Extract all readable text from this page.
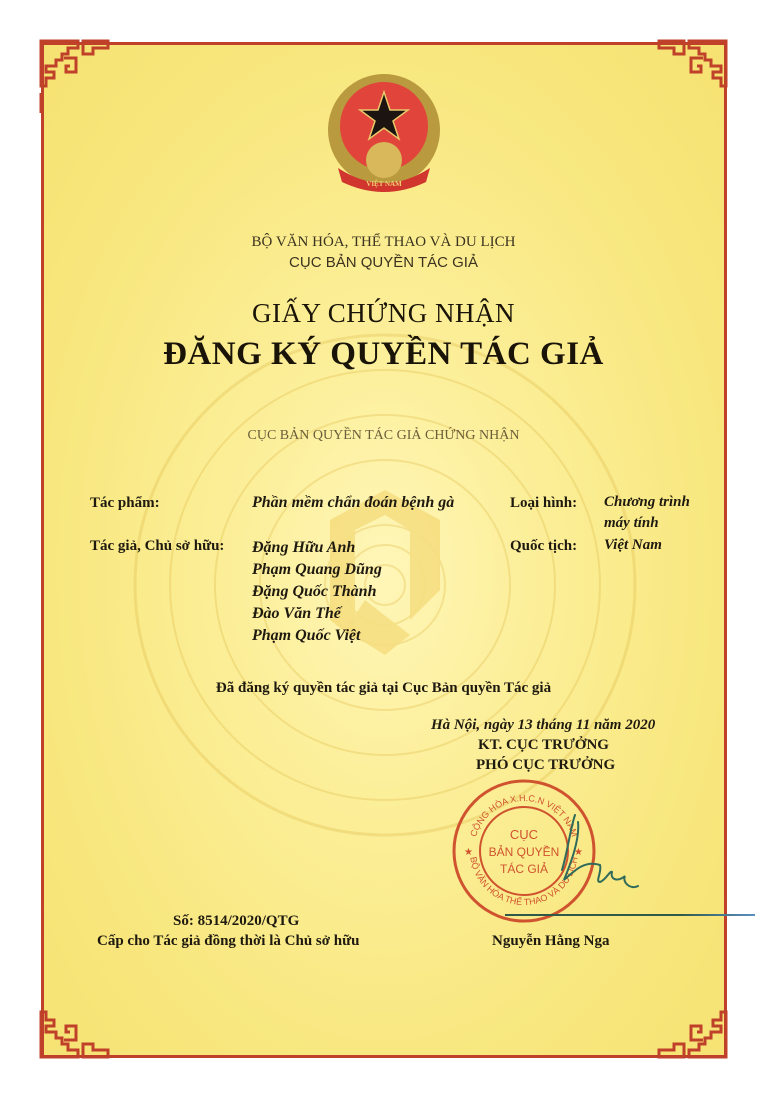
VIỆT NAM
BỘ VĂN HÓA, THỂ THAO VÀ DU LỊCH
CỤC BẢN QUYỀN TÁC GIẢ
GIẤY CHỨNG NHẬN
ĐĂNG KÝ QUYỀN TÁC GIẢ
CỤC BẢN QUYỀN TÁC GIẢ CHỨNG NHẬN
Tác phẩm:	Phần mềm chẩn đoán bệnh gà	Loại hình: Chương trình
máy tính
Tác giả, Chủ sở hữu: Đặng Hữu Anh
Phạm Quang Dũng
Đặng Quốc Thành
Đào Văn Thế
Phạm Quốc Việt
Quốc tịch: Việt Nam
Đã đăng ký quyền tác giả tại Cục Bản quyền Tác giả
Hà Nội, ngày 13 tháng 11 năm 2020
KT. CỤC TRƯỞNG
PHÓ CỤC TRƯỞNG
CỘNG HÒA X.H.C.N VIỆT NAM
BỘ VĂN HÓA THỂ THAO VÀ DU LỊCH
★	★
CỤC
BẢN QUYỀN
TÁC GIẢ
Số: 8514/2020/QTG
Cấp cho Tác giả đồng thời là Chủ sở hữu	Nguyễn Hằng Nga
